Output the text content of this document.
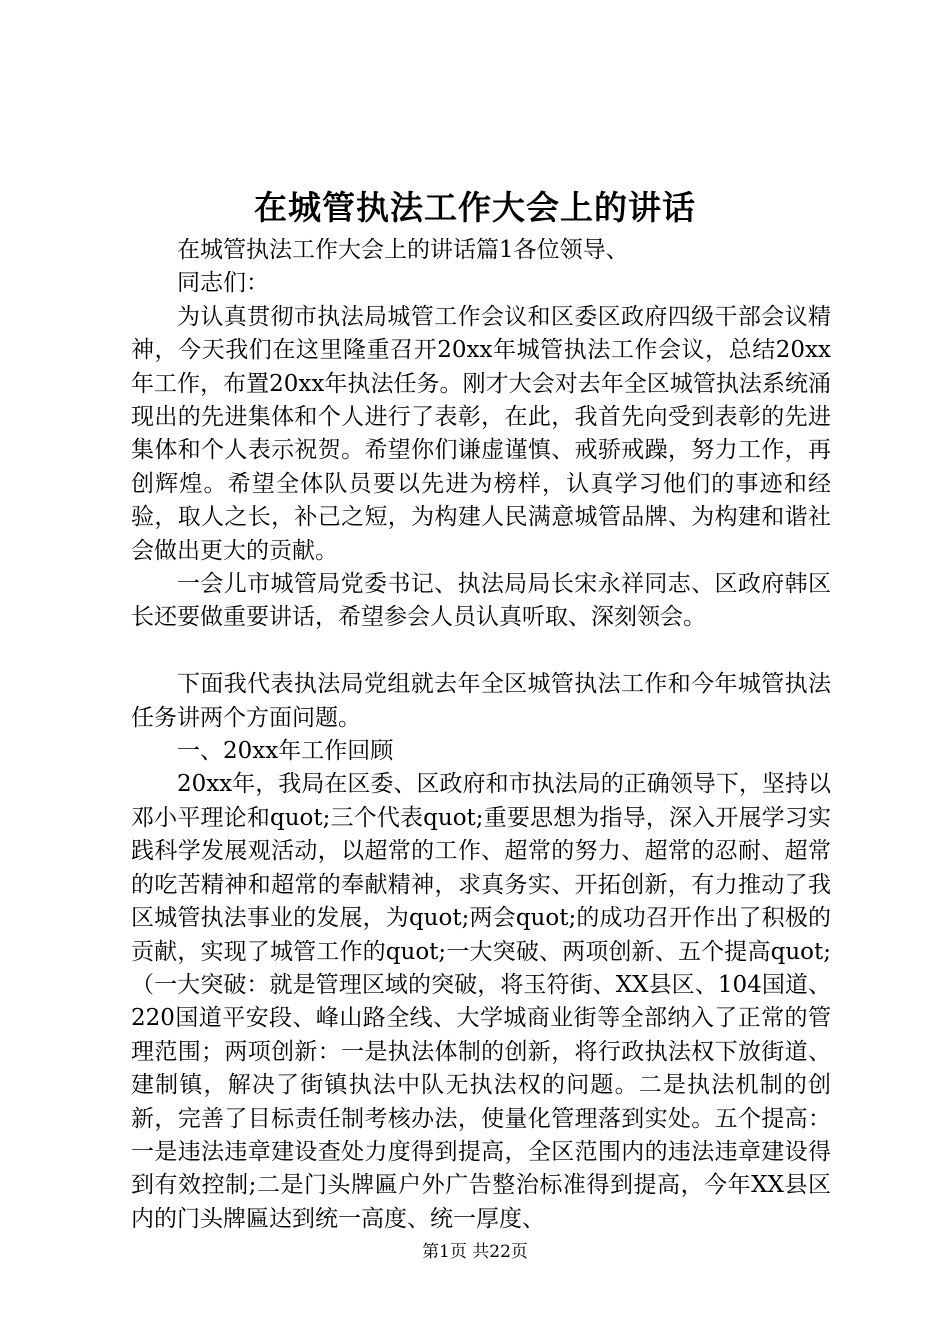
在城管执法工作大会上的讲话

在城管执法工作大会上的讲话篇1各位领导、

同志们：

为认真贯彻市执法局城管工作会议和区委区政府四级干部会议精神，今天我们在这里隆重召开20xx年城管执法工作会议，总结20xx年工作，布置20xx年执法任务。刚才大会对去年全区城管执法系统涌现出的先进集体和个人进行了表彰，在此，我首先向受到表彰的先进集体和个人表示祝贺。希望你们谦虚谨慎、戒骄戒躁，努力工作，再创辉煌。希望全体队员要以先进为榜样，认真学习他们的事迹和经验，取人之长，补己之短，为构建人民满意城管品牌、为构建和谐社会做出更大的贡献。

一会儿市城管局党委书记、执法局局长宋永祥同志、区政府韩区长还要做重要讲话，希望参会人员认真听取、深刻领会。

下面我代表执法局党组就去年全区城管执法工作和今年城管执法任务讲两个方面问题。

一、20xx年工作回顾

20xx年，我局在区委、区政府和市执法局的正确领导下，坚持以邓小平理论和quot;三个代表quot;重要思想为指导，深入开展学习实践科学发展观活动，以超常的工作、超常的努力、超常的忍耐、超常的吃苦精神和超常的奉献精神，求真务实、开拓创新，有力推动了我区城管执法事业的发展，为quot;两会quot;的成功召开作出了积极的贡献，实现了城管工作的quot;一大突破、两项创新、五个提高quot;（一大突破：就是管理区域的突破，将玉符街、XX县区、104国道、220国道平安段、峰山路全线、大学城商业街等全部纳入了正常的管理范围；两项创新：一是执法体制的创新，将行政执法权下放街道、建制镇，解决了街镇执法中队无执法权的问题。二是执法机制的创新，完善了目标责任制考核办法，使量化管理落到实处。五个提高：一是违法违章建设查处力度得到提高，全区范围内的违法违章建设得到有效控制;二是门头牌匾户外广告整治标准得到提高，今年XX县区内的门头牌匾达到统一高度、统一厚度、

第1页 共22页
